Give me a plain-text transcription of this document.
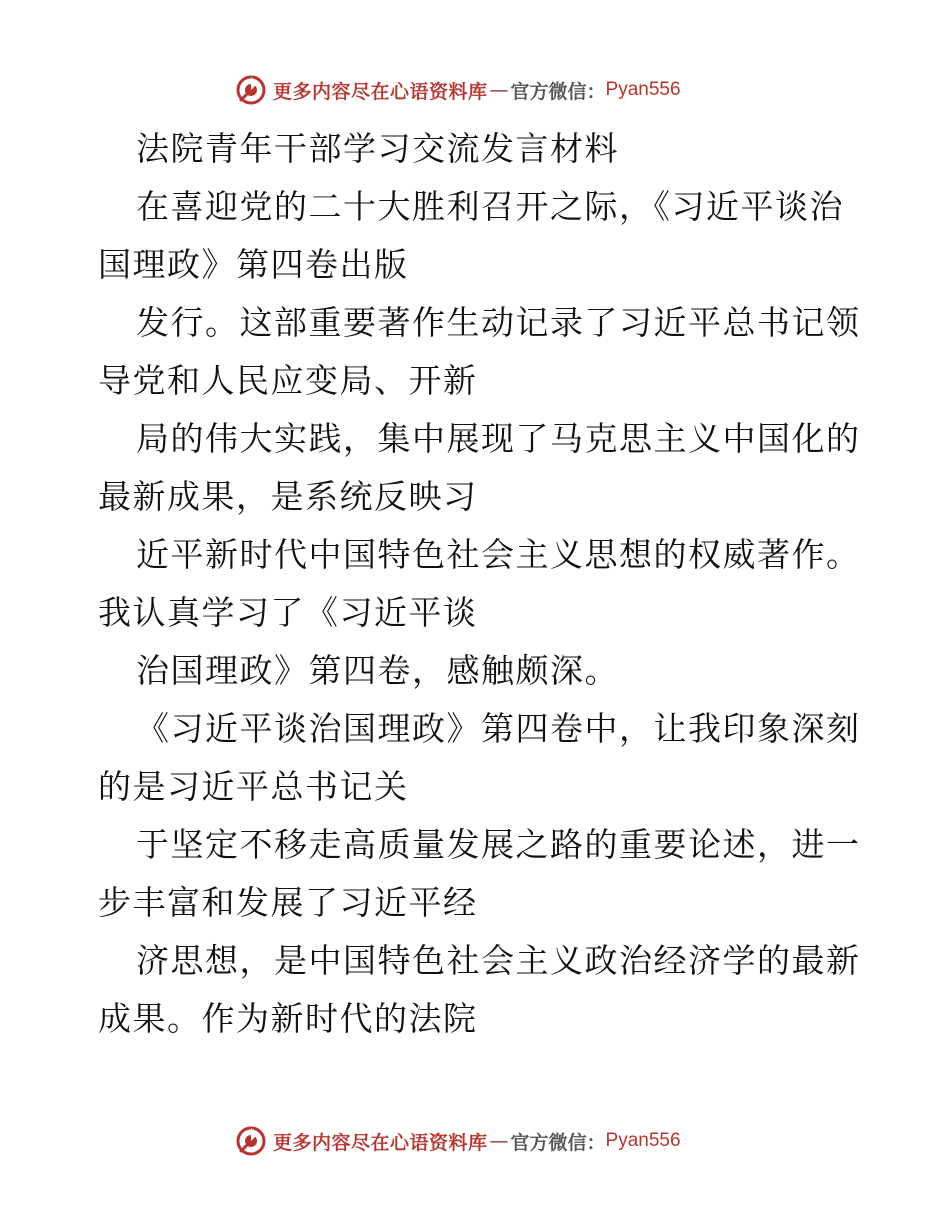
更多内容尽在心语资料库 — 官方微信： Pyan556
法院青年干部学习交流发言材料
在喜迎党的二十大胜利召开之际，《习近平谈治
国理政》第四卷出版
发行。这部重要著作生动记录了习近平总书记领
导党和人民应变局、开新
局的伟大实践，集中展现了马克思主义中国化的
最新成果，是系统反映习
近平新时代中国特色社会主义思想的权威著作。
我认真学习了《习近平谈
治国理政》第四卷，感触颇深。
《习近平谈治国理政》第四卷中，让我印象深刻
的是习近平总书记关
于坚定不移走高质量发展之路的重要论述，进一
步丰富和发展了习近平经
济思想，是中国特色社会主义政治经济学的最新
成果。作为新时代的法院
更多内容尽在心语资料库 — 官方微信： Pyan556
